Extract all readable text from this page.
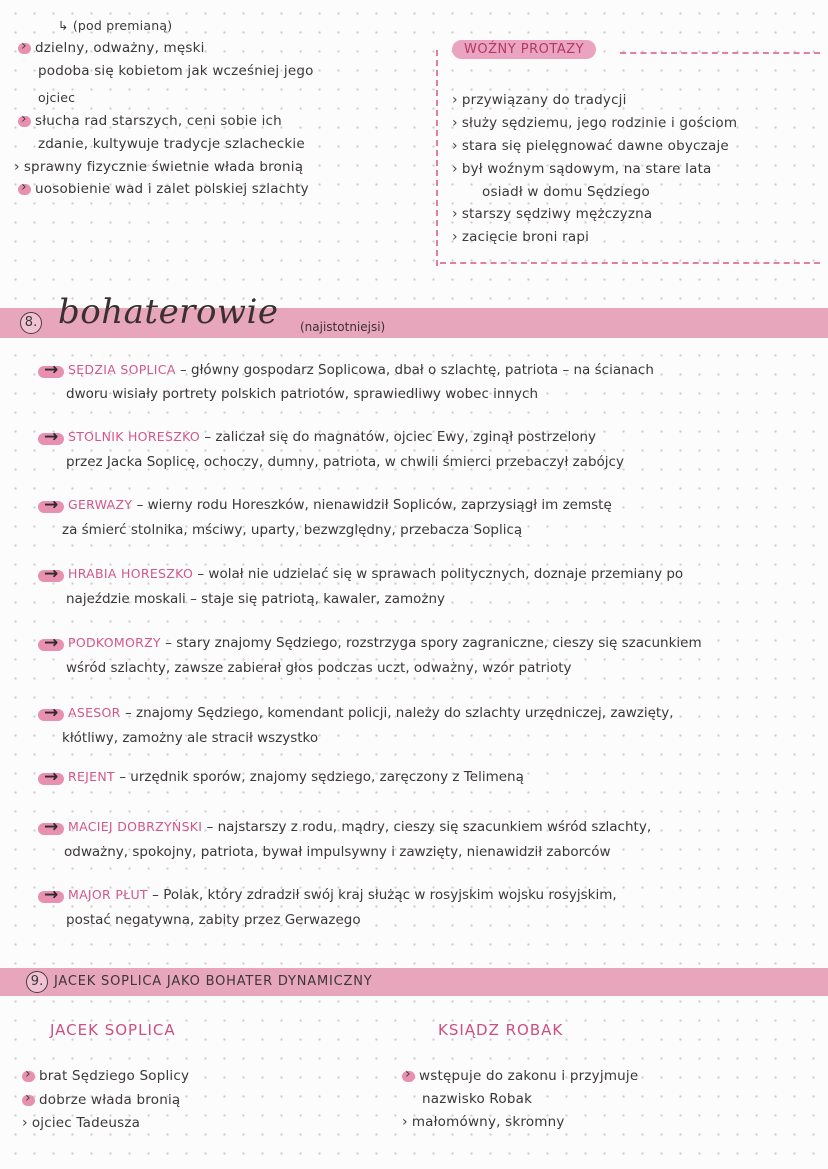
↳ (pod premianą)
›dzielny, odważny, męski
podoba się kobietom jak wcześniej jego
ojciec
›słucha rad starszych, ceni sobie ich
zdanie, kultywuje tradycje szlacheckie
› sprawny fizycznie świetnie włada bronią
›uosobienie wad i zalet polskiej szlachty
WOŹNY PROTAZY
› przywiązany do tradycji
› służy sędziemu, jego rodzinie i gościom
› stara się pielęgnować dawne obyczaje
› był woźnym sądowym, na stare lata
osiadł w domu Sędziego
› starszy sędziwy mężczyzna
› zacięcie broni rapi
8. bohaterowie (najistotniejsi)
→
SĘDZIA SOPLICA – główny gospodarz Soplicowa, dbał o szlachtę, patriota – na ścianach
dworu wisiały portrety polskich patriotów, sprawiedliwy wobec innych
→
STOLNIK HORESZKO – zaliczał się do magnatów, ojciec Ewy, zginął postrzelony
przez Jacka Soplicę, ochoczy, dumny, patriota, w chwili śmierci przebaczył zabójcy
→
GERWAZY – wierny rodu Horeszków, nienawidził Sopliców, zaprzysiągł im zemstę
za śmierć stolnika, mściwy, uparty, bezwzględny, przebacza Soplicą
→
HRABIA HORESZKO – wolał nie udzielać się w sprawach politycznych, doznaje przemiany po
najeździe moskali – staje się patriotą, kawaler, zamożny
→
PODKOMORZY – stary znajomy Sędziego, rozstrzyga spory zagraniczne, cieszy się szacunkiem
wśród szlachty, zawsze zabierał głos podczas uczt, odważny, wzór patrioty
→
ASESOR – znajomy Sędziego, komendant policji, należy do szlachty urzędniczej, zawzięty,
kłótliwy, zamożny ale stracił wszystko
→
REJENT – urzędnik sporów, znajomy sędziego, zaręczony z Telimeną
→
MACIEJ DOBRZYŃSKI – najstarszy z rodu, mądry, cieszy się szacunkiem wśród szlachty,
odważny, spokojny, patriota, bywał impulsywny i zawzięty, nienawidził zaborców
→
MAJOR PŁUT – Polak, który zdradził swój kraj służąc w rosyjskim wojsku rosyjskim,
postać negatywna, zabity przez Gerwazego
9. JACEK SOPLICA JAKO BOHATER DYNAMICZNY
JACEK SOPLICA	KSIĄDZ ROBAK
›brat Sędziego Soplicy
›dobrze włada bronią
› ojciec Tadeusza
›wstępuje do zakonu i przyjmuje
nazwisko Robak
› małomówny, skromny
